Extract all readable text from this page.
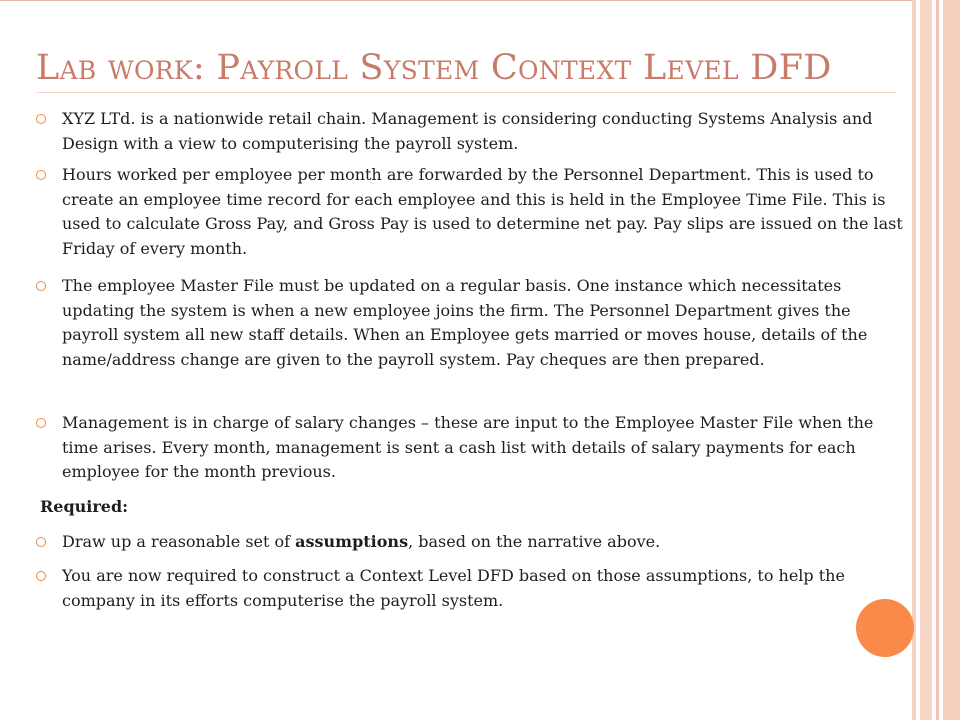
Lab work: Payroll System Context Level DFD
XYZ LTd. is a nationwide retail chain. Management is considering conducting Systems Analysis and Design with a view to computerising the payroll system.
Hours worked per employee per month are forwarded by the Personnel Department. This is used to create an employee time record for each employee and this is held in the Employee Time File. This is used to calculate Gross Pay, and Gross Pay is used to determine net pay. Pay slips are issued on the last Friday of every month.
The employee Master File must be updated on a regular basis. One instance which necessitates updating the system is when a new employee joins the firm. The Personnel Department gives the payroll system all new staff details. When an Employee gets married or moves house, details of the name/address change are given to the payroll system. Pay cheques are then prepared.
Management is in charge of salary changes – these are input to the Employee Master File when the time arises. Every month, management is sent a cash list with details of salary payments for each employee for the month previous.
Required:
Draw up a reasonable set of assumptions, based on the narrative above.
You are now required to construct a Context Level DFD based on those assumptions, to help the company in its efforts computerise the payroll system.
